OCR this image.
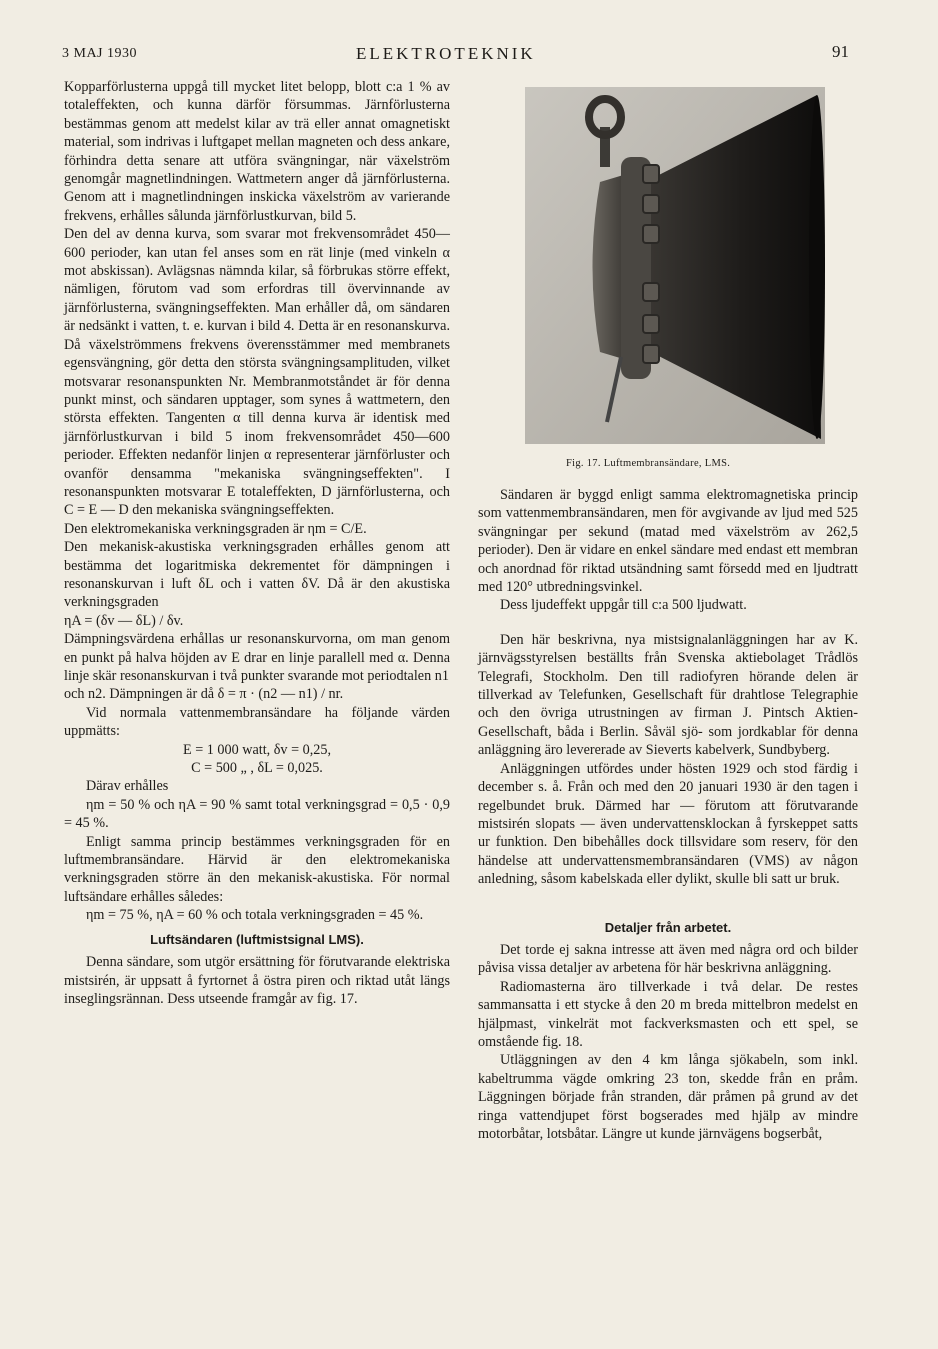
3 MAJ 1930	ELEKTROTEKNIK	91

Kopparförlusterna uppgå till mycket litet belopp, blott c:a 1 % av totaleffekten, och kunna därför försummas. Järnförlusterna bestämmas genom att medelst kilar av trä eller annat omagnetiskt material, som indrivas i luftgapet mellan magneten och dess ankare, förhindra detta senare att utföra svängningar, när växelström genomgår magnetlindningen. Wattmetern anger då järnförlusterna. Genom att i magnetlindningen inskicka växelström av varierande frekvens, erhålles sålunda järnförlustkurvan, bild 5.

Den del av denna kurva, som svarar mot frekvensområdet 450—600 perioder, kan utan fel anses som en rät linje (med vinkeln α mot abskissan). Avlägsnas nämnda kilar, så förbrukas större effekt, nämligen, förutom vad som erfordras till övervinnande av järnförlusterna, svängningseffekten. Man erhåller då, om sändaren är nedsänkt i vatten, t. e. kurvan i bild 4. Detta är en resonanskurva. Då växelströmmens frekvens överensstämmer med membranets egensvängning, gör detta den största svängningsamplituden, vilket motsvarar resonanspunkten Nr. Membranmotståndet är för denna punkt minst, och sändaren upptager, som synes å wattmetern, den största effekten. Tangenten α till denna kurva är identisk med järnförlustkurvan i bild 5 inom frekvensområdet 450—600 perioder. Effekten nedanför linjen α representerar järnförluster och ovanför densamma "mekaniska svängningseffekten". I resonanspunkten motsvarar E totaleffekten, D järnförlusterna, och C = E — D den mekaniska svängningseffekten.

Den elektromekaniska verkningsgraden är ηm = C/E.

Den mekanisk-akustiska verkningsgraden erhålles genom att bestämma det logaritmiska dekrementet för dämpningen i resonanskurvan i luft δL och i vatten δV. Då är den akustiska verkningsgraden

ηA = (δv — δL) / δv.

Dämpningsvärdena erhållas ur resonanskurvorna, om man genom en punkt på halva höjden av E drar en linje parallell med α. Denna linje skär resonanskurvan i två punkter svarande mot periodtalen n1

och n2. Dämpningen är då δ = π · (n2 — n1) / nr.

Vid normala vattenmembransändare ha följande värden uppmätts:

E = 1 000 watt, δv = 0,25,

C = 500 „ , δL = 0,025.

Därav erhålles

ηm = 50 % och ηA = 90 % samt total verkningsgrad = 0,5 · 0,9 = 45 %.

Enligt samma princip bestämmes verkningsgraden för en luftmembransändare. Härvid är den elektromekaniska verkningsgraden större än den mekanisk-akustiska. För normal luftsändare erhålles således:

ηm = 75 %, ηA = 60 % och totala verkningsgraden = 45 %.

Luftsändaren (luftmistsignal LMS).

Denna sändare, som utgör ersättning för förutvarande elektriska mistsirén, är uppsatt å fyrtornet å östra piren och riktad utåt längs inseglingsrännan. Dess utseende framgår av fig. 17.

Fig. 17. Luftmembransändare, LMS.

Sändaren är byggd enligt samma elektromagnetiska princip som vattenmembransändaren, men för avgivande av ljud med 525 svängningar per sekund (matad med växelström av 262,5 perioder). Den är vidare en enkel sändare med endast ett membran och anordnad för riktad utsändning samt försedd med en ljudtratt med 120° utbredningsvinkel.

Dess ljudeffekt uppgår till c:a 500 ljudwatt.

Den här beskrivna, nya mistsignalanläggningen har av K. järnvägsstyrelsen beställts från Svenska aktiebolaget Trådlös Telegrafi, Stockholm. Den till radiofyren hörande delen är tillverkad av Telefunken, Gesellschaft für drahtlose Telegraphie och den övriga utrustningen av firman J. Pintsch Aktien-Gesellschaft, båda i Berlin. Såväl sjö- som jordkablar för denna anläggning äro levererade av Sieverts kabelverk, Sundbyberg.

Anläggningen utfördes under hösten 1929 och stod färdig i december s. å. Från och med den 20 januari 1930 är den tagen i regelbundet bruk. Därmed har — förutom att förutvarande mistsirén slopats — även undervattensklockan å fyrskeppet satts ur funktion. Den bibehålles dock tillsvidare som reserv, för den händelse att undervattensmembransändaren (VMS) av någon anledning, såsom kabelskada eller dylikt, skulle bli satt ur bruk.

Detaljer från arbetet.

Det torde ej sakna intresse att även med några ord och bilder påvisa vissa detaljer av arbetena för här beskrivna anläggning.

Radiomasterna äro tillverkade i två delar. De restes sammansatta i ett stycke å den 20 m breda mittelbron medelst en hjälpmast, vinkelrät mot fackverksmasten och ett spel, se omstående fig. 18.

Utläggningen av den 4 km långa sjökabeln, som inkl. kabeltrumma vägde omkring 23 ton, skedde från en pråm. Läggningen började från stranden, där pråmen på grund av det ringa vattendjupet först bogserades med hjälp av mindre motorbåtar, lotsbåtar. Längre ut kunde järnvägens bogserbåt,
